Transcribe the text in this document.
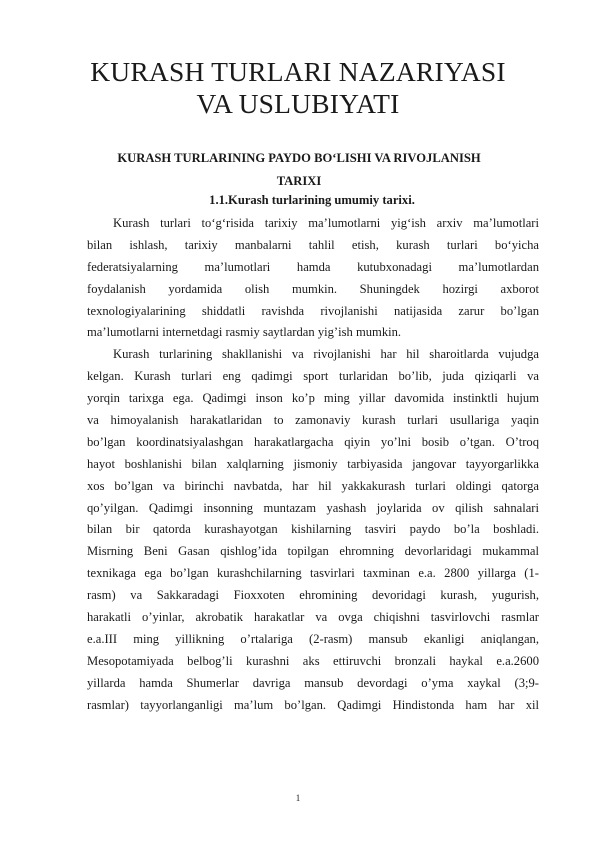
KURASH TURLARI NAZARIYASI
VA USLUBIYATI
KURASH TURLARINING PAYDO BO‘LISHI VA RIVOJLANISH
TARIXI
1.1.Kurash turlarining umumiy tarixi.
Kurash turlari to‘g‘risida tarixiy ma’lumotlarni yig‘ish arxiv ma’lumotlari
bilan ishlash, tarixiy manbalarni tahlil etish, kurash turlari bo‘yicha
federatsiyalarning ma’lumotlari hamda kutubxonadagi ma’lumotlardan
foydalanish yordamida olish mumkin. Shuningdek hozirgi axborot
texnologiyalarining shiddatli ravishda rivojlanishi natijasida zarur bo’lgan
ma’lumotlarni internetdagi rasmiy saytlardan yig’ish mumkin.
Kurash turlarining shakllanishi va rivojlanishi har hil sharoitlarda vujudga
kelgan. Kurash turlari eng qadimgi sport turlaridan bo’lib, juda qiziqarli va
yorqin tarixga ega. Qadimgi inson ko’p ming yillar davomida instinktli hujum
va himoyalanish harakatlaridan to zamonaviy kurash turlari usullariga yaqin
bo’lgan koordinatsiyalashgan harakatlargacha qiyin yo’lni bosib o’tgan. O’troq
hayot boshlanishi bilan xalqlarning jismoniy tarbiyasida jangovar tayyorgarlikka
xos bo’lgan va birinchi navbatda, har hil yakkakurash turlari oldingi qatorga
qo’yilgan. Qadimgi insonning muntazam yashash joylarida ov qilish sahnalari
bilan bir qatorda kurashayotgan kishilarning tasviri paydo bo’la boshladi.
Misrning Beni Gasan qishlog’ida topilgan ehromning devorlaridagi mukammal
texnikaga ega bo’lgan kurashchilarning tasvirlari taxminan e.a. 2800 yillarga (1-
rasm) va Sakkaradagi Fioxxoten ehromining devoridagi kurash, yugurish,
harakatli o’yinlar, akrobatik harakatlar va ovga chiqishni tasvirlovchi rasmlar
e.a.III ming yillikning o’rtalariga (2-rasm) mansub ekanligi aniqlangan,
Mesopotamiyada belbog’li kurashni aks ettiruvchi bronzali haykal e.a.2600
yillarda hamda Shumerlar davriga mansub devordagi o’yma xaykal (3;9-
rasmlar) tayyorlanganligi ma’lum bo’lgan. Qadimgi Hindistonda ham har xil
1
